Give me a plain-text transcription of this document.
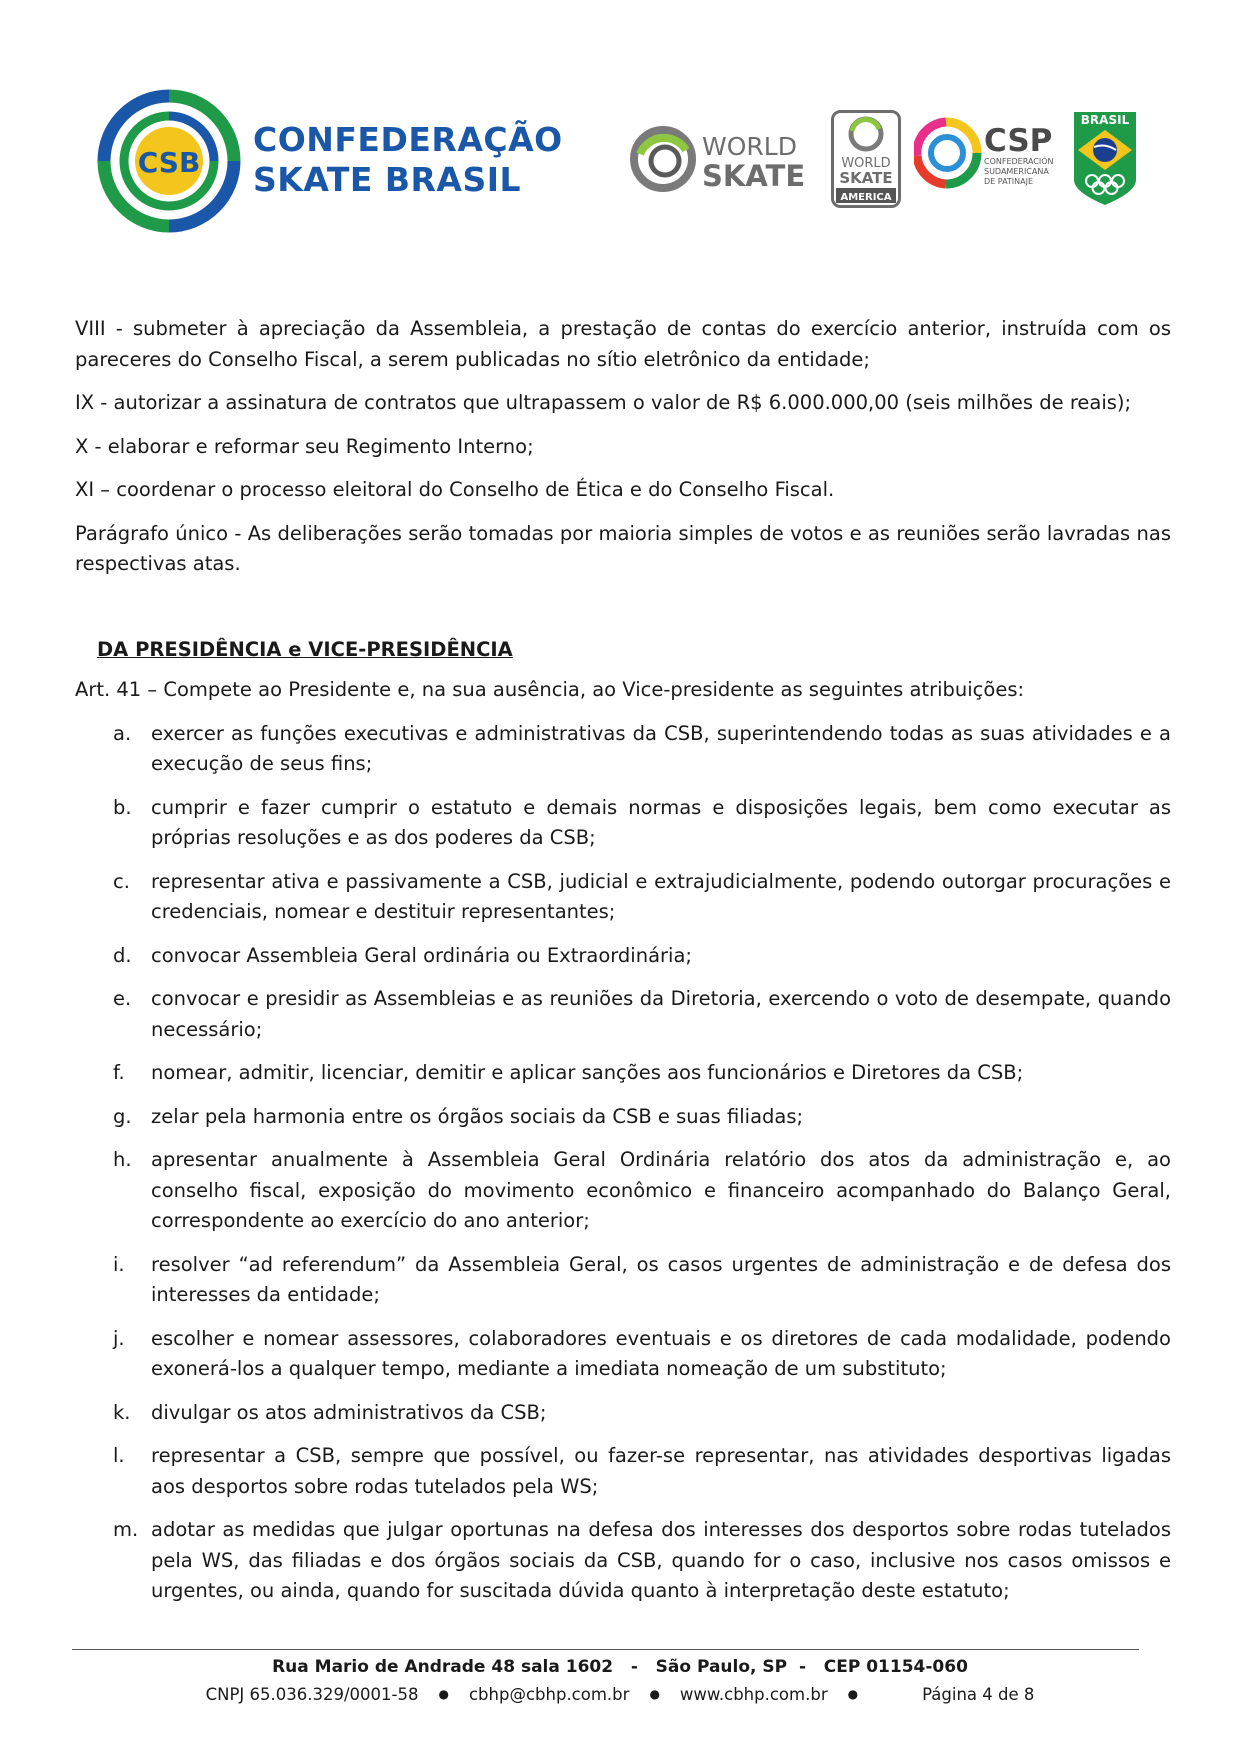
CSB
CONFEDERAÇÃO
SKATE BRASIL
WORLD
SKATE	WORLD
SKATE
AMERICA
CSP
CONFEDERACIÓN
SUDAMERICANA
DE PATINAJE
BRASIL

VIII - submeter à apreciação da Assembleia, a prestação de contas do exercício anterior, instruída com os pareceres do Conselho Fiscal, a serem publicadas no sítio eletrônico da entidade;

IX - autorizar a assinatura de contratos que ultrapassem o valor de R$ 6.000.000,00 (seis milhões de reais);

X - elaborar e reformar seu Regimento Interno;

XI – coordenar o processo eleitoral do Conselho de Ética e do Conselho Fiscal.

Parágrafo único - As deliberações serão tomadas por maioria simples de votos e as reuniões serão lavradas nas respectivas atas.

DA PRESIDÊNCIA e VICE-PRESIDÊNCIA

Art. 41 – Compete ao Presidente e, na sua ausência, ao Vice-presidente as seguintes atribuições:

a. exercer as funções executivas e administrativas da CSB, superintendendo todas as suas atividades e a execução de seus fins;
b. cumprir e fazer cumprir o estatuto e demais normas e disposições legais, bem como executar as próprias resoluções e as dos poderes da CSB;
c. representar ativa e passivamente a CSB, judicial e extrajudicialmente, podendo outorgar procurações e credenciais, nomear e destituir representantes;
d. convocar Assembleia Geral ordinária ou Extraordinária;
e. convocar e presidir as Assembleias e as reuniões da Diretoria, exercendo o voto de desempate, quando necessário;
f. nomear, admitir, licenciar, demitir e aplicar sanções aos funcionários e Diretores da CSB;
g. zelar pela harmonia entre os órgãos sociais da CSB e suas filiadas;
h. apresentar anualmente à Assembleia Geral Ordinária relatório dos atos da administração e, ao conselho fiscal, exposição do movimento econômico e financeiro acompanhado do Balanço Geral, correspondente ao exercício do ano anterior;
i. resolver “ad referendum” da Assembleia Geral, os casos urgentes de administração e de defesa dos interesses da entidade;
j. escolher e nomear assessores, colaboradores eventuais e os diretores de cada modalidade, podendo exonerá-los a qualquer tempo, mediante a imediata nomeação de um substituto;
k. divulgar os atos administrativos da CSB;
l. representar a CSB, sempre que possível, ou fazer-se representar, nas atividades desportivas ligadas aos desportos sobre rodas tutelados pela WS;
m. adotar as medidas que julgar oportunas na defesa dos interesses dos desportos sobre rodas tutelados pela WS, das filiadas e dos órgãos sociais da CSB, quando for o caso, inclusive nos casos omissos e urgentes, ou ainda, quando for suscitada dúvida quanto à interpretação deste estatuto;
Rua Mario de Andrade 48 sala 1602   -   São Paulo, SP  -   CEP 01154-060
CNPJ 65.036.329/0001-58 ● cbhp@cbhp.com.br ● www.cbhp.com.br ●	Página 4 de 8
